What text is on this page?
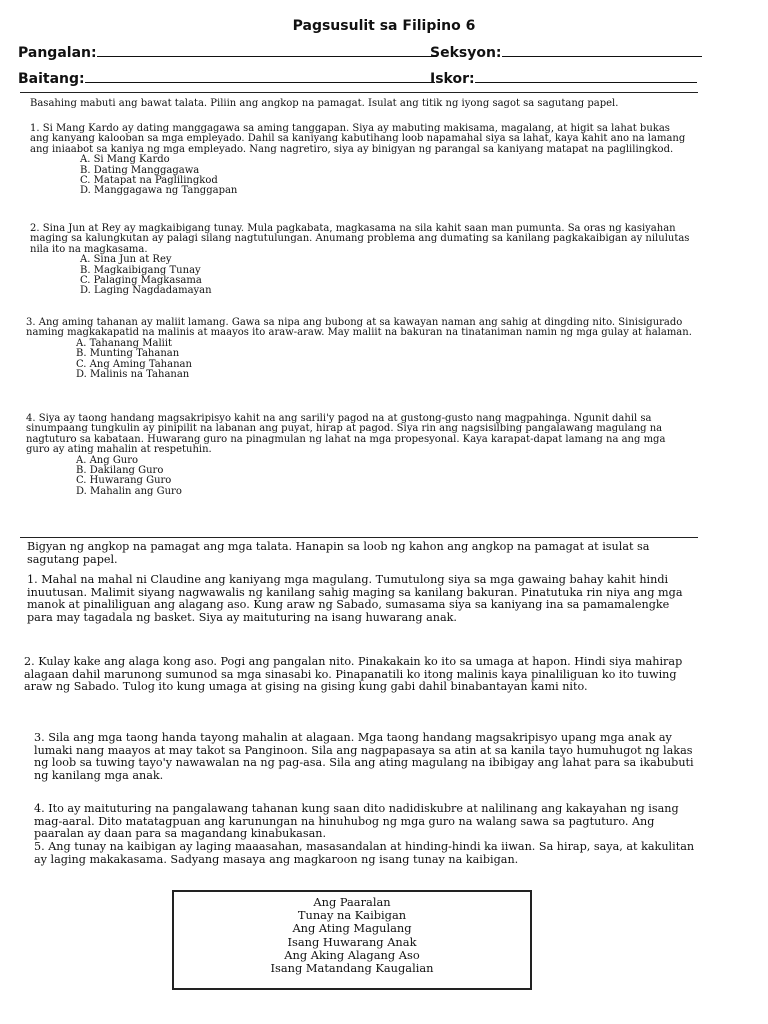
Pagsusulit sa Filipino 6
Pangalan:	Seksyon:
Baitang:	Iskor:
Basahing mabuti ang bawat talata. Piliin ang angkop na pamagat. Isulat ang titik ng iyong sagot sa sagutang papel.
1. Si Mang Kardo ay dating manggagawa sa aming tanggapan. Siya ay mabuting makisama, magalang, at higit sa lahat bukas ang kanyang kalooban sa mga empleyado. Dahil sa kaniyang kabutihang loob napamahal siya sa lahat, kaya kahit ano na lamang ang iniaabot sa kaniya ng mga empleyado. Nang nagretiro, siya ay binigyan ng parangal sa kaniyang matapat na paglilingkod.
A. Si Mang Kardo
B. Dating Manggagawa
C. Matapat na Paglilingkod
D. Manggagawa ng Tanggapan
2. Sina Jun at Rey ay magkaibigang tunay. Mula pagkabata, magkasama na sila kahit saan man pumunta. Sa oras ng kasiyahan maging sa kalungkutan ay palagi silang nagtutulungan. Anumang problema ang dumating sa kanilang pagkakaibigan ay nilulutas nila ito na magkasama.
A. Sina Jun at Rey
B. Magkaibigang Tunay
C. Palaging Magkasama
D. Laging Nagdadamayan
3. Ang aming tahanan ay maliit lamang. Gawa sa nipa ang bubong at sa kawayan naman ang sahig at dingding nito. Sinisigurado naming magkakapatid na malinis at maayos ito araw-araw. May maliit na bakuran na tinataniman namin ng mga gulay at halaman.
A. Tahanang Maliit
B. Munting Tahanan
C. Ang Aming Tahanan
D. Malinis na Tahanan
4. Siya ay taong handang magsakripisyo kahit na ang sarili'y pagod na at gustong-gusto nang magpahinga. Ngunit dahil sa sinumpaang tungkulin ay pinipilit na labanan ang puyat, hirap at pagod. Siya rin ang nagsisilbing pangalawang magulang na nagtuturo sa kabataan. Huwarang guro na pinagmulan ng lahat na mga propesyonal. Kaya karapat-dapat lamang na ang mga guro ay ating mahalin at respetuhin.
A. Ang Guro
B. Dakilang Guro
C. Huwarang Guro
D. Mahalin ang Guro
Bigyan ng angkop na pamagat ang mga talata. Hanapin sa loob ng kahon ang angkop na pamagat at isulat sa sagutang papel.
1. Mahal na mahal ni Claudine ang kaniyang mga magulang. Tumutulong siya sa mga gawaing bahay kahit hindi inuutusan. Malimit siyang nagwawalis ng kanilang sahig maging sa kanilang bakuran. Pinatutuka rin niya ang mga manok at pinaliliguan ang alagang aso. Kung araw ng Sabado, sumasama siya sa kaniyang ina sa pamamalengke para may tagadala ng basket. Siya ay maituturing na isang huwarang anak.
2. Kulay kake ang alaga kong aso. Pogi ang pangalan nito. Pinakakain ko ito sa umaga at hapon. Hindi siya mahirap alagaan dahil marunong sumunod sa mga sinasabi ko. Pinapanatili ko itong malinis kaya pinaliliguan ko ito tuwing araw ng Sabado. Tulog ito kung umaga at gising na gising kung gabi dahil binabantayan kami nito.
3. Sila ang mga taong handa tayong mahalin at alagaan. Mga taong handang magsakripisyo upang mga anak ay lumaki nang maayos at may takot sa Panginoon. Sila ang nagpapasaya sa atin at sa kanila tayo humuhugot ng lakas ng loob sa tuwing tayo'y nawawalan na ng pag-asa. Sila ang ating magulang na ibibigay ang lahat para sa ikabubuti ng kanilang mga anak.
4. Ito ay maituturing na pangalawang tahanan kung saan dito nadidiskubre at nalilinang ang kakayahan ng isang mag-aaral. Dito matatagpuan ang karunungan na hinuhubog ng mga guro na walang sawa sa pagtuturo. Ang paaralan ay daan para sa magandang kinabukasan.
5. Ang tunay na kaibigan ay laging maaasahan, masasandalan at hinding-hindi ka iiwan. Sa hirap, saya, at kakulitan ay laging makakasama. Sadyang masaya ang magkaroon ng isang tunay na kaibigan.
Ang Paaralan
Tunay na Kaibigan
Ang Ating Magulang
Isang Huwarang Anak
Ang Aking Alagang Aso
Isang Matandang Kaugalian
